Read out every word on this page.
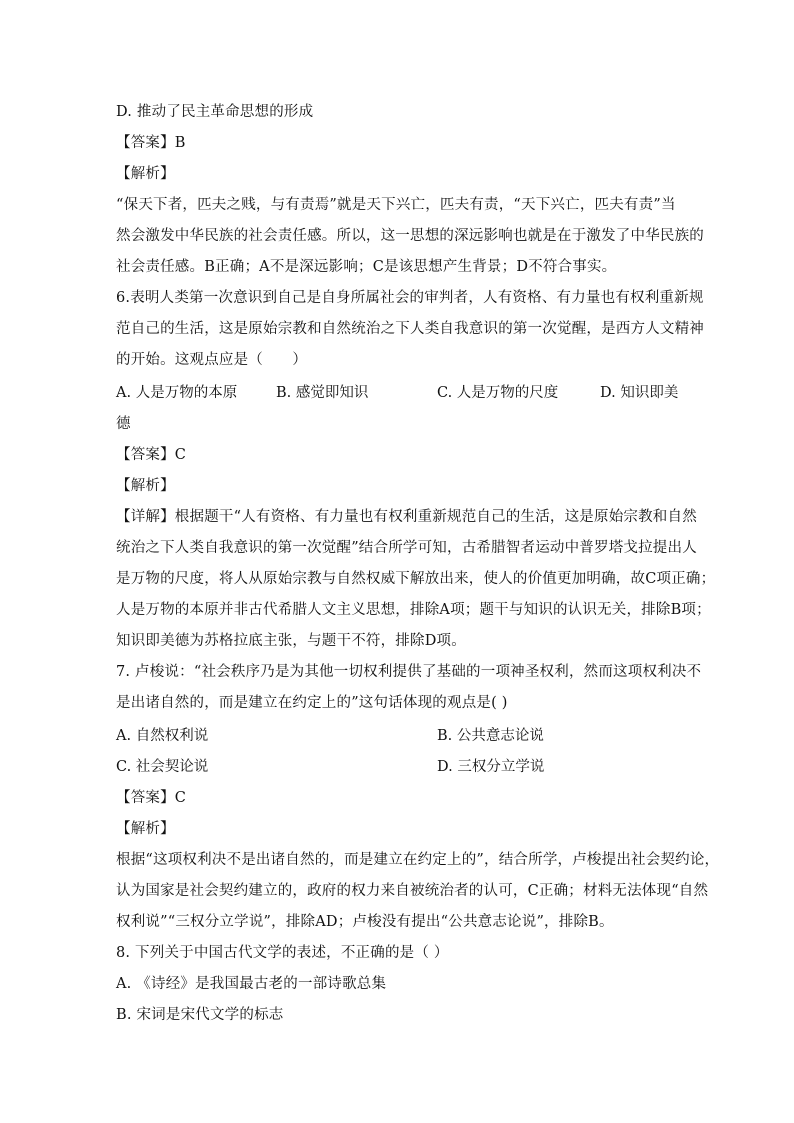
D. 推动了民主革命思想的形成
【答案】B
【解析】
“保天下者，匹夫之贱，与有责焉”就是天下兴亡，匹夫有责，“天下兴亡，匹夫有责”当
然会激发中华民族的社会责任感。所以，这一思想的深远影响也就是在于激发了中华民族的
社会责任感。B正确；A不是深远影响；C是该思想产生背景；D不符合事实。
6.表明人类第一次意识到自己是自身所属社会的审判者，人有资格、有力量也有权利重新规
范自己的生活，这是原始宗教和自然统治之下人类自我意识的第一次觉醒，是西方人文精神
的开始。这观点应是（　　）
A. 人是万物的本原	B. 感觉即知识	C. 人是万物的尺度	D. 知识即美
德
【答案】C
【解析】
【详解】根据题干“人有资格、有力量也有权利重新规范自己的生活，这是原始宗教和自然
统治之下人类自我意识的第一次觉醒”结合所学可知，古希腊智者运动中普罗塔戈拉提出人
是万物的尺度，将人从原始宗教与自然权威下解放出来，使人的价值更加明确，故C项正确；
人是万物的本原并非古代希腊人文主义思想，排除A项；题干与知识的认识无关，排除B项；
知识即美德为苏格拉底主张，与题干不符，排除D项。
7. 卢梭说：“社会秩序乃是为其他一切权利提供了基础的一项神圣权利，然而这项权利决不
是出诸自然的，而是建立在约定上的”这句话体现的观点是( )
A. 自然权利说	B. 公共意志论说
C. 社会契论说	D. 三权分立学说
【答案】C
【解析】
根据“这项权利决不是出诸自然的，而是建立在约定上的”，结合所学，卢梭提出社会契约论，
认为国家是社会契约建立的，政府的权力来自被统治者的认可，C正确；材料无法体现“自然
权利说”“三权分立学说”，排除AD；卢梭没有提出“公共意志论说”，排除B。
8. 下列关于中国古代文学的表述，不正确的是（ ）
A. 《诗经》是我国最古老的一部诗歌总集
B. 宋词是宋代文学的标志
